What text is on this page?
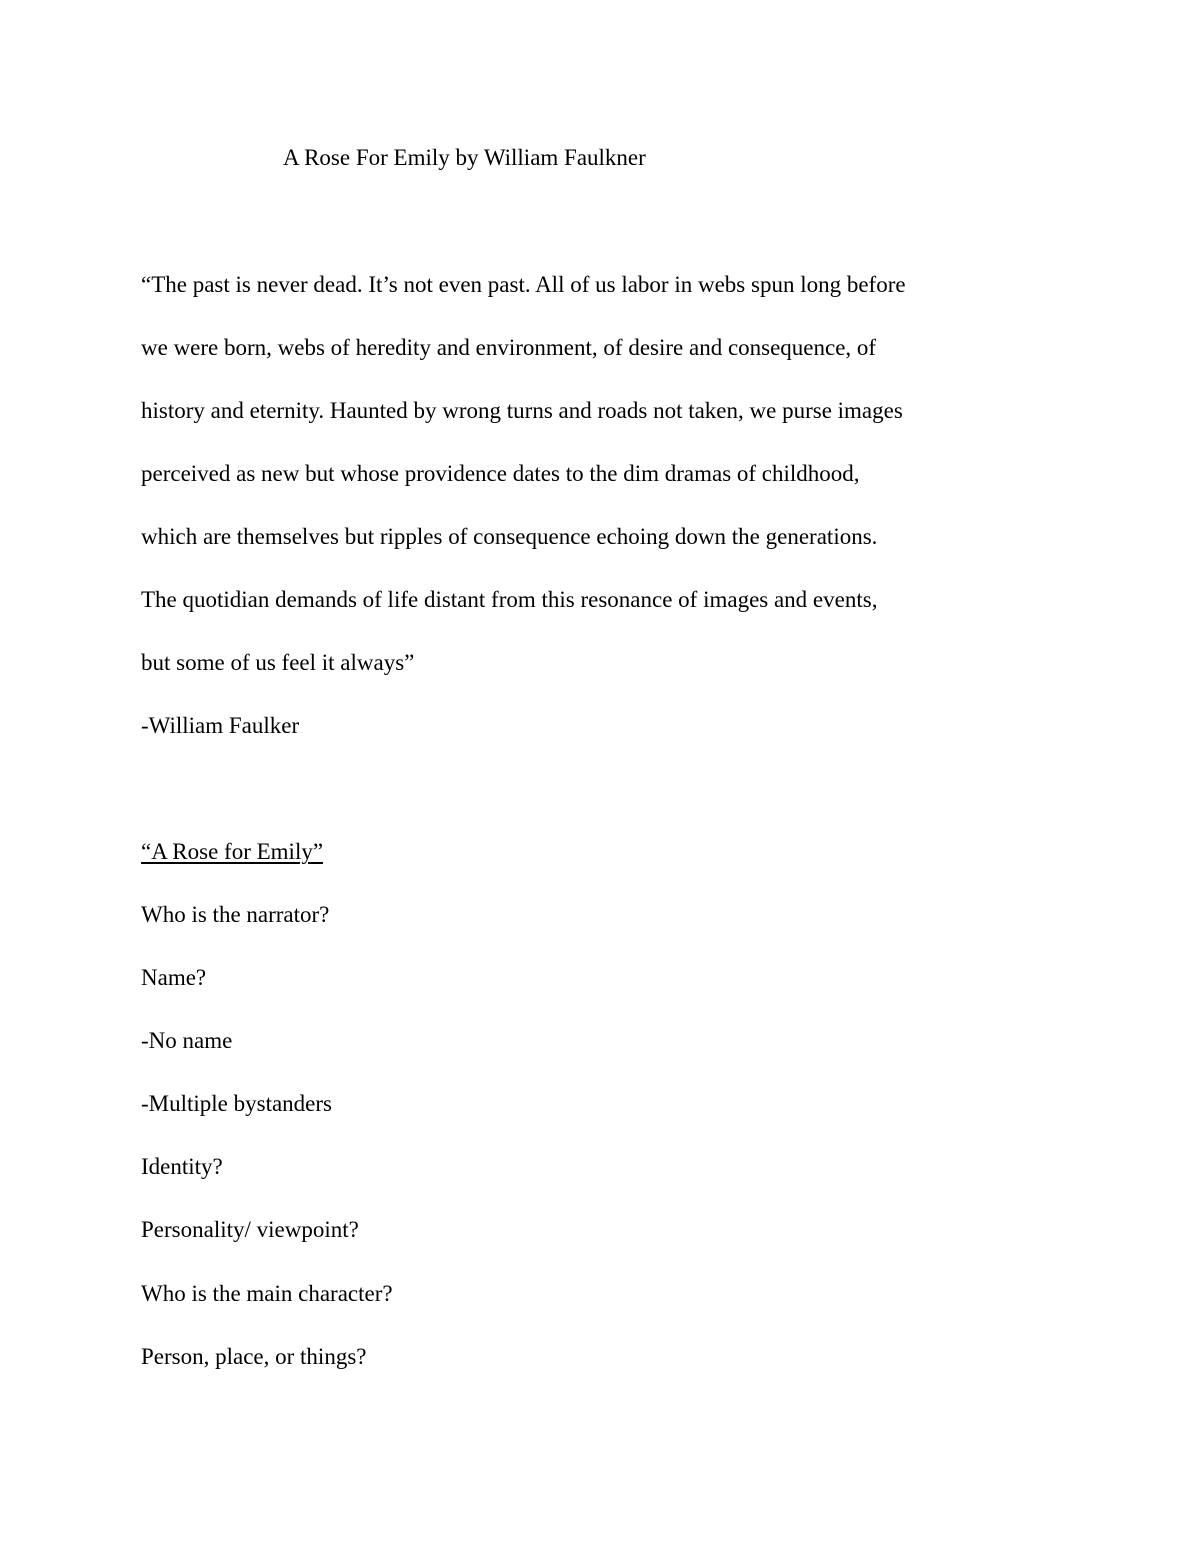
A Rose For Emily by William Faulkner
“The past is never dead. It’s not even past. All of us labor in webs spun long before
we were born, webs of heredity and environment, of desire and consequence, of
history and eternity. Haunted by wrong turns and roads not taken, we purse images
perceived as new but whose providence dates to the dim dramas of childhood,
which are themselves but ripples of consequence echoing down the generations.
The quotidian demands of life distant from this resonance of images and events,
but some of us feel it always”
-William Faulker
“A Rose for Emily”
Who is the narrator?
Name?
-No name
-Multiple bystanders
Identity?
Personality/ viewpoint?
Who is the main character?
Person, place, or things?
